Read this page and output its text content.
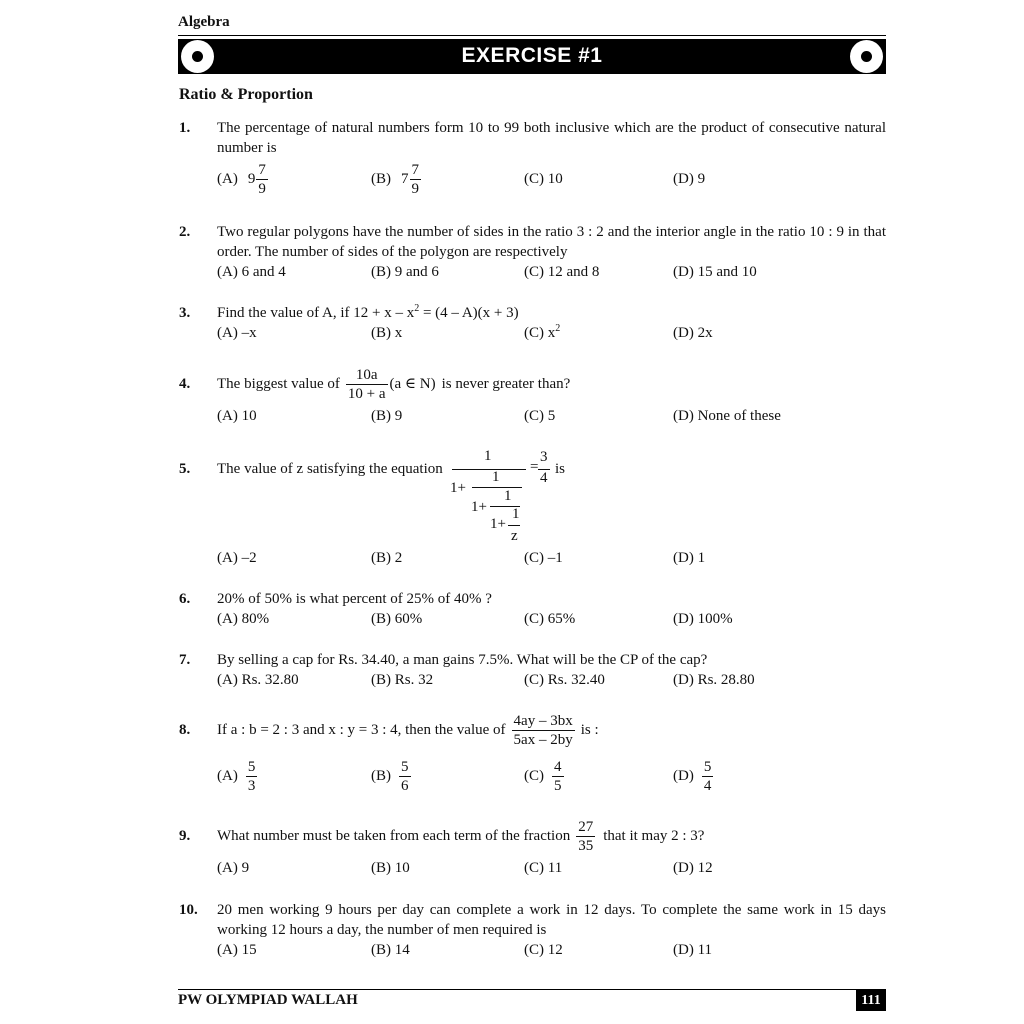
Algebra
EXERCISE #1
Ratio & Proportion
1. The percentage of natural numbers form 10 to 99 both inclusive which are the product of consecutive natural number is
(A) $9 \frac{7}{9}$	(B) $7 \frac{7}{9}$	(C) 10	(D) 9
2. Two regular polygons have the number of sides in the ratio 3 : 2 and the interior angle in the ratio 10 : 9 in that order. The number of sides of the polygon are respectively
(A) 6 and 4	(B) 9 and 6	(C) 12 and 8	(D) 15 and 10
3. Find the value of A, if $12 + x - x^2 = (4 - A)(x + 3)$
(A) –x	(B) x	(C) $x^2$	(D) 2x
4. The biggest value of $\frac{10a}{10 + a} (a$ ∈ N) is never greater than?
(A) 10	(B) 9	(C) 5	(D) None of these
5. The value of z satisfying the equation
1
=
3
4
1+
1
1+
1
1+
1
z
is
(A) –2	(B) 2	(C) –1	(D) 1
6. 20% of 50% is what percent of 25% of 40% ?
(A) 80%	(B) 60%	(C) 65%	(D) 100%
7. By selling a cap for Rs. 34.40, a man gains 7.5%. What will be the CP of the cap?
(A) Rs. 32.80	(B) Rs. 32	(C) Rs. 32.40	(D) Rs. 28.80
8. If a : b = 2 : 3 and x : y = 3 : 4, then the value of $\frac{4ay - 3bx}{5ax - 2by}$ is :
$(A) \frac{5}{3}$	$(B) \frac{5}{6}$	$(C) \frac{4}{5}$	$(D) \frac{5}{4}$
9. What number must be taken from each term of the fraction $\frac{27}{35}$ that it may 2 : 3?
(A) 9	(B) 10	(C) 11	(D) 12
10. 20 men working 9 hours per day can complete a work in 12 days. To complete the same work in 15 days working 12 hours a day, the number of men required is
(A) 15	(B) 14	(C) 12	(D) 11
PW OLYMPIAD WALLAH	111
